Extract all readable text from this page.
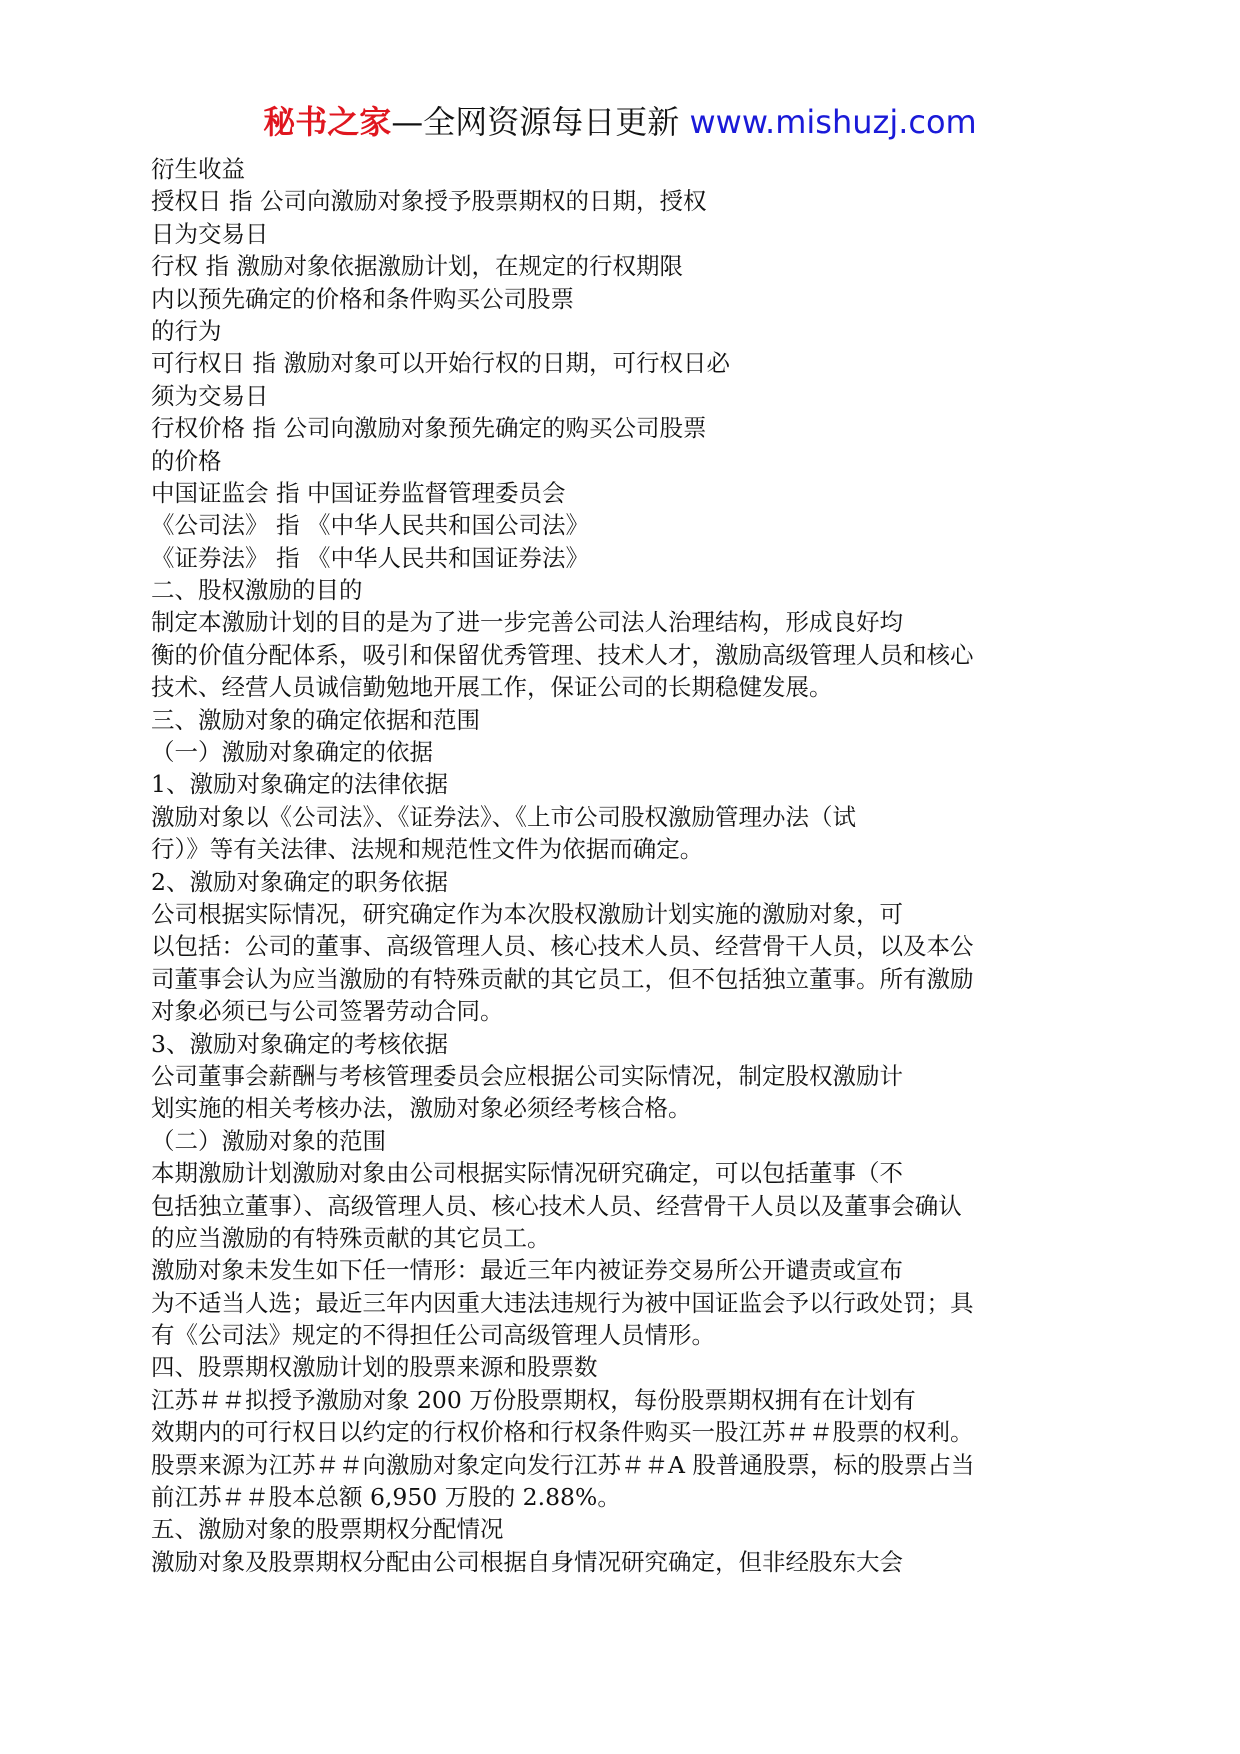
秘书之家—全网资源每日更新 www.mishuzj.com
衍生收益
授权日 指 公司向激励对象授予股票期权的日期，授权
日为交易日
行权 指 激励对象依据激励计划，在规定的行权期限
内以预先确定的价格和条件购买公司股票
的行为
可行权日 指 激励对象可以开始行权的日期，可行权日必
须为交易日
行权价格 指 公司向激励对象预先确定的购买公司股票
的价格
中国证监会 指 中国证券监督管理委员会
《公司法》 指 《中华人民共和国公司法》
《证券法》 指 《中华人民共和国证券法》
二、股权激励的目的
制定本激励计划的目的是为了进一步完善公司法人治理结构，形成良好均
衡的价值分配体系，吸引和保留优秀管理、技术人才，激励高级管理人员和核心
技术、经营人员诚信勤勉地开展工作，保证公司的长期稳健发展。
三、激励对象的确定依据和范围
（一）激励对象确定的依据
1、激励对象确定的法律依据
激励对象以《公司法》、《证券法》、《上市公司股权激励管理办法（试
行）》等有关法律、法规和规范性文件为依据而确定。
2、激励对象确定的职务依据
公司根据实际情况，研究确定作为本次股权激励计划实施的激励对象，可
以包括：公司的董事、高级管理人员、核心技术人员、经营骨干人员，以及本公
司董事会认为应当激励的有特殊贡献的其它员工，但不包括独立董事。所有激励
对象必须已与公司签署劳动合同。
3、激励对象确定的考核依据
公司董事会薪酬与考核管理委员会应根据公司实际情况，制定股权激励计
划实施的相关考核办法，激励对象必须经考核合格。
（二）激励对象的范围
本期激励计划激励对象由公司根据实际情况研究确定，可以包括董事（不
包括独立董事）、高级管理人员、核心技术人员、经营骨干人员以及董事会确认
的应当激励的有特殊贡献的其它员工。
激励对象未发生如下任一情形：最近三年内被证券交易所公开谴责或宣布
为不适当人选；最近三年内因重大违法违规行为被中国证监会予以行政处罚；具
有《公司法》规定的不得担任公司高级管理人员情形。
四、股票期权激励计划的股票来源和股票数
江苏＃＃拟授予激励对象 200 万份股票期权，每份股票期权拥有在计划有
效期内的可行权日以约定的行权价格和行权条件购买一股江苏＃＃股票的权利。
股票来源为江苏＃＃向激励对象定向发行江苏＃＃A 股普通股票，标的股票占当
前江苏＃＃股本总额 6,950 万股的 2.88%。
五、激励对象的股票期权分配情况
激励对象及股票期权分配由公司根据自身情况研究确定，但非经股东大会
